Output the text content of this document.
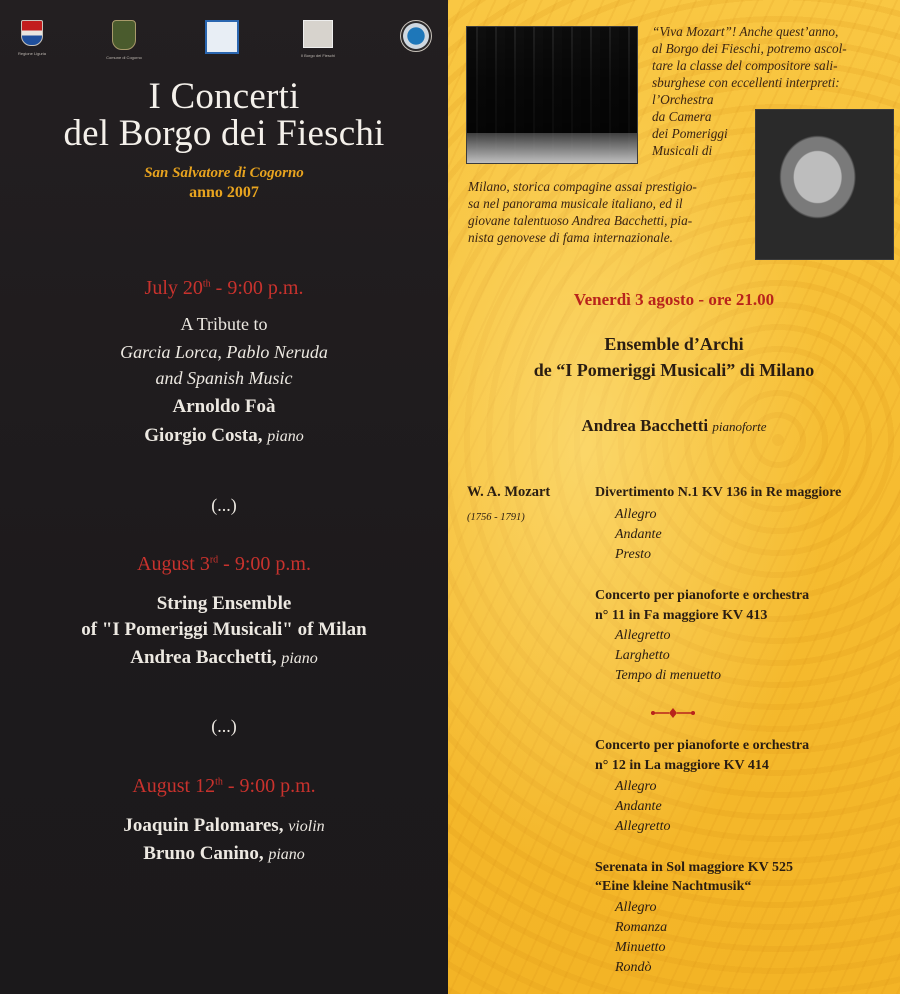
Regione Liguria
Comune di Cogorno	Il Borgo dei Fieschi
I Concerti
del Borgo dei Fieschi
San Salvatore di Cogorno
anno 2007
July 20th - 9:00 p.m.
A Tribute to
Garcia Lorca, Pablo Neruda
and Spanish Music
Arnoldo Foà
Giorgio Costa, piano
(...)
August 3rd - 9:00 p.m.
String Ensemble
of "I Pomeriggi Musicali" of Milan
Andrea Bacchetti, piano
(...)
August 12th - 9:00 p.m.
Joaquin Palomares, violin
Bruno Canino, piano
“Viva Mozart”! Anche quest’anno,
al Borgo dei Fieschi, potremo ascol-
tare la classe del compositore sali-
sburghese con eccellenti interpreti:
l’Orchestra
da Camera
dei Pomeriggi
Musicali di
Milano, storica compagine assai prestigio-
sa nel panorama musicale italiano, ed il
giovane talentuoso Andrea Bacchetti, pia-
nista genovese di fama internazionale.
Venerdì 3 agosto - ore 21.00
Ensemble d’Archi
de “I Pomeriggi Musicali” di Milano
Andrea Bacchetti pianoforte
W. A. Mozart
(1756 - 1791)
Divertimento N.1 KV 136 in Re maggiore
Allegro
Andante
Presto
Concerto per pianoforte e orchestra
n° 11 in Fa maggiore KV 413
Allegretto
Larghetto
Tempo di menuetto
Concerto per pianoforte e orchestra
n° 12 in La maggiore KV 414
Allegro
Andante
Allegretto
Serenata in Sol maggiore KV 525
“Eine kleine Nachtmusik“
Allegro
Romanza
Minuetto
Rondò
